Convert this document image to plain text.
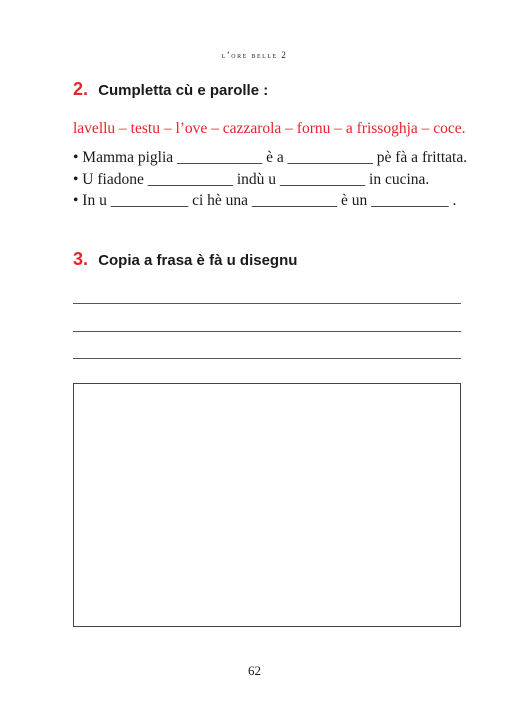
l’ore belle 2
2. Cumpletta cù e parolle :
lavellu – testu – l’ove – cazzarola – fornu – a frissoghja – coce.
• Mamma piglia ___________ è a ___________ pè fà a frittata.
• U fiadone ___________ indù u ___________ in cucina.
• In u __________ ci hè una ___________ è un __________ .
3. Copia a frasa è fà u disegnu
62
